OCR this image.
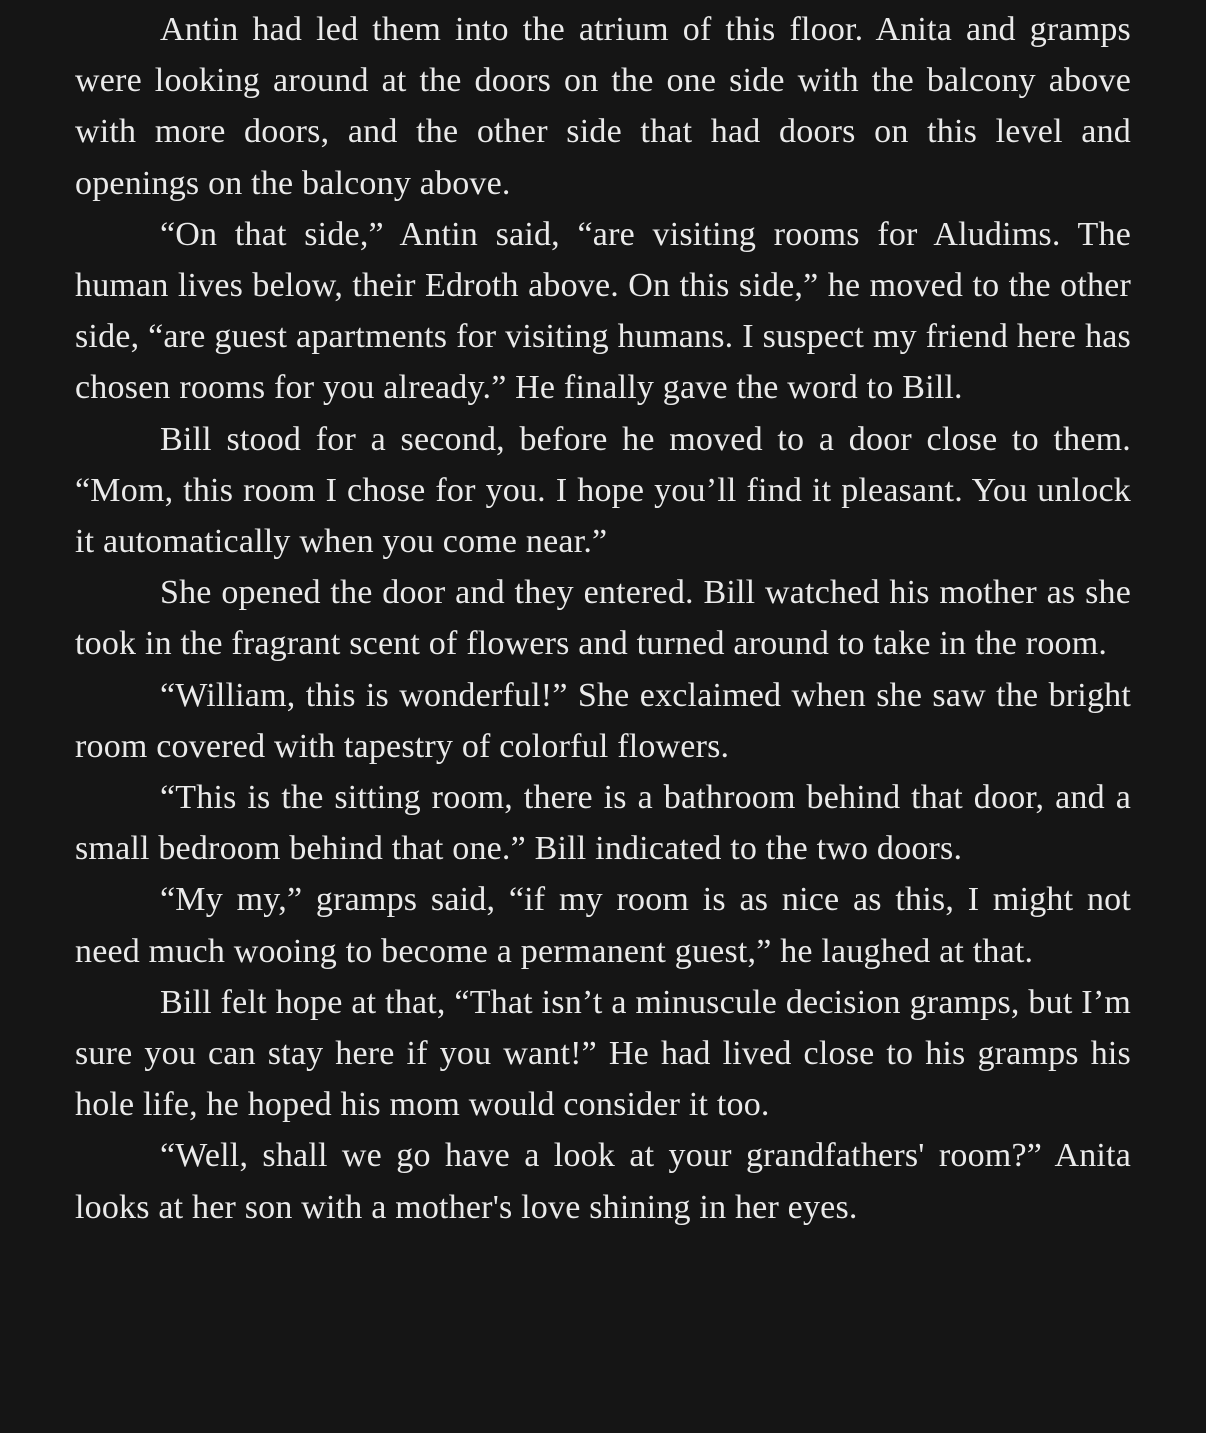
Antin had led them into the atrium of this floor. Anita and gramps were looking around at the doors on the one side with the balcony above with more doors, and the other side that had doors on this level and openings on the balcony above.

“On that side,” Antin said, “are visiting rooms for Aludims. The human lives below, their Edroth above. On this side,” he moved to the other side, “are guest apartments for visiting humans. I suspect my friend here has chosen rooms for you already.” He finally gave the word to Bill.

Bill stood for a second, before he moved to a door close to them. “Mom, this room I chose for you. I hope you’ll find it pleasant. You unlock it automatically when you come near.”

She opened the door and they entered. Bill watched his mother as she took in the fragrant scent of flowers and turned around to take in the room.

“William, this is wonderful!” She exclaimed when she saw the bright room covered with tapestry of colorful flowers.

“This is the sitting room, there is a bathroom behind that door, and a small bedroom behind that one.” Bill indicated to the two doors.

“My my,” gramps said, “if my room is as nice as this, I might not need much wooing to become a permanent guest,” he laughed at that.

Bill felt hope at that, “That isn’t a minuscule decision gramps, but I’m sure you can stay here if you want!” He had lived close to his gramps his hole life, he hoped his mom would consider it too.

“Well, shall we go have a look at your grandfathers' room?” Anita looks at her son with a mother's love shining in her eyes.
